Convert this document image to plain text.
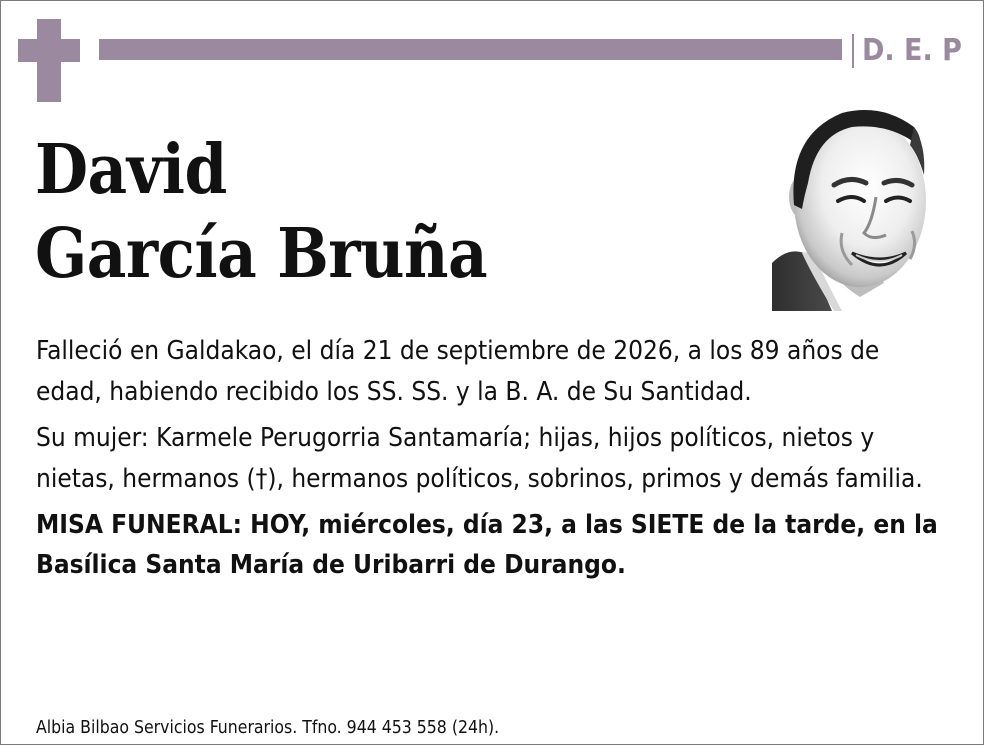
D. E. P
David
García Bruña

Falleció en Galdakao, el día 21 de septiembre de 2026, a los 89 años de edad, habiendo recibido los SS. SS. y la B. A. de Su Santidad.

Su mujer: Karmele Perugorria Santamaría; hijas, hijos políticos, nietos y nietas, hermanos (†), hermanos políticos, sobrinos, primos y demás familia.

MISA FUNERAL: HOY, miércoles, día 23, a las SIETE de la tarde, en la Basílica Santa María de Uribarri de Durango.

Albia Bilbao Servicios Funerarios. Tfno. 944 453 558 (24h).
